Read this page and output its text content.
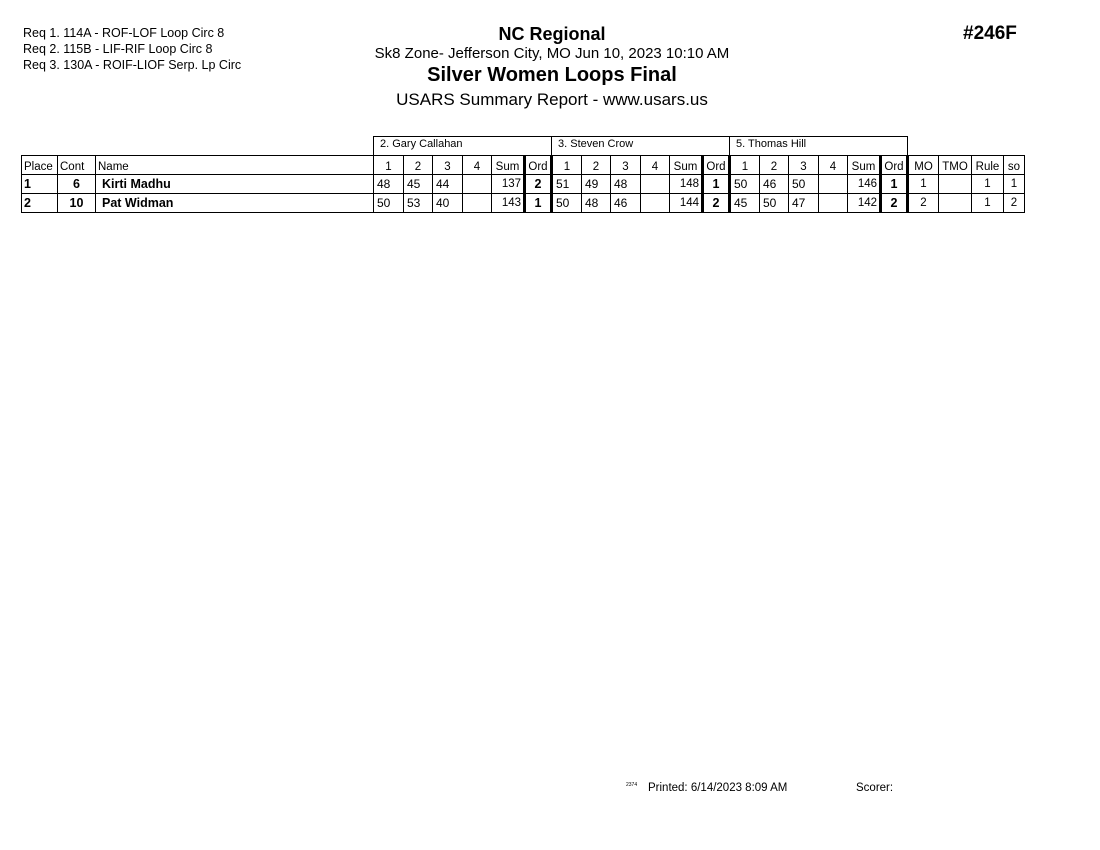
Req 1. 114A - ROF-LOF Loop Circ 8
Req 2. 115B - LIF-RIF Loop Circ 8
Req 3. 130A - ROIF-LIOF Serp. Lp Circ
NC Regional
Sk8 Zone- Jefferson City, MO Jun 10, 2023 10:10 AM
Silver Women Loops Final
USARS Summary Report - www.usars.us
#246F
			2. Gary Callahan						3. Steven Crow						5. Thomas Hill									
Place	Cont	Name	1	2	3	4	Sum	Ord	1	2	3	4	Sum	Ord	1	2	3	4	Sum	Ord	MO	TMO	Rule	so
1	6	Kirti Madhu	48	45	44		137	2	51	49	48		148	1	50	46	50		146	1	1		1	1
2	10	Pat Widman	50	53	40		143	1	50	48	46		144	2	45	50	47		142	2	2		1	2
2374 Printed: 6/14/2023 8:09 AM	Scorer:
